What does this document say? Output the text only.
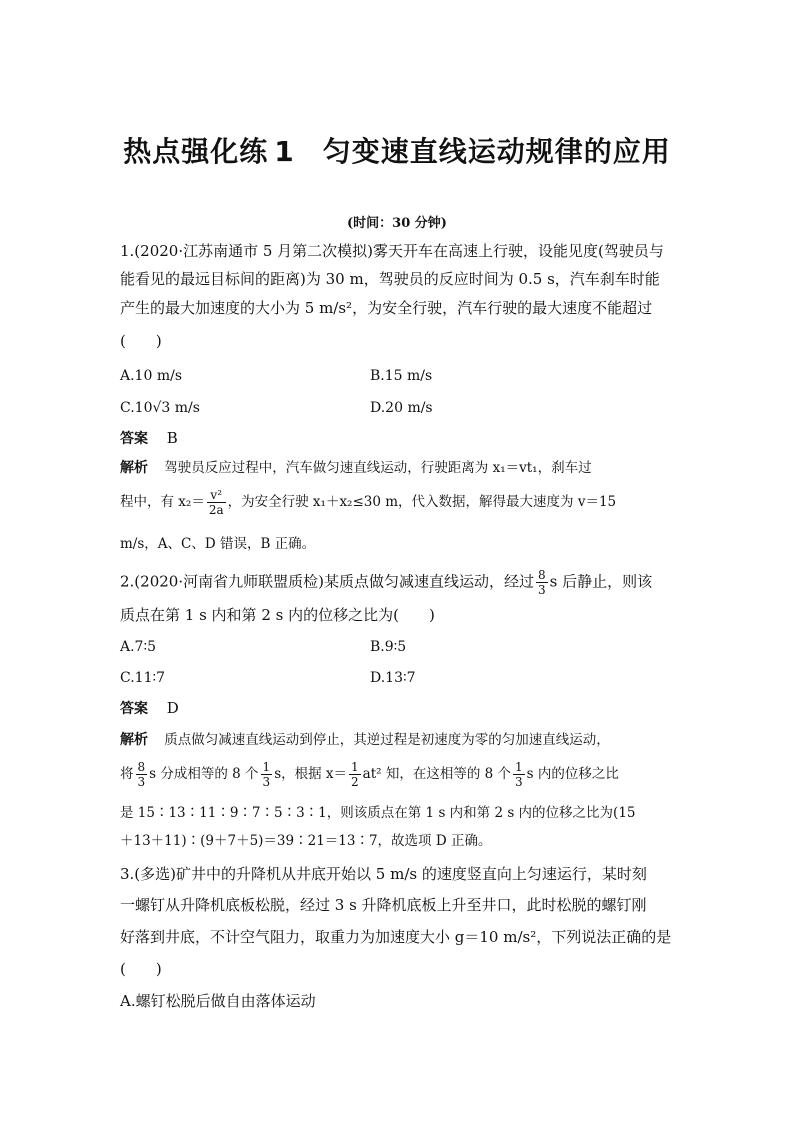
热点强化练 1 匀变速直线运动规律的应用
(时间：30 分钟)
1.(2020·江苏南通市 5 月第二次模拟)雾天开车在高速上行驶，设能见度(驾驶员与
能看见的最远目标间的距离)为 30 m，驾驶员的反应时间为 0.5 s，汽车刹车时能
产生的最大加速度的大小为 5 m/s²，为安全行驶，汽车行驶的最大速度不能超过
(　　)
A.10 m/s	B.15 m/s
C.10√3 m/s	D.20 m/s
答案 B
解析 驾驶员反应过程中，汽车做匀速直线运动，行驶距离为 x₁＝vt₁，刹车过
程中，有 $x_2= \frac{\text{v²}}{2a}$ ，为安全行驶 x₁＋x₂≤30 m，代入数据，解得最大速度为 v＝15
m/s，A、C、D 错误，B 正确。
2.(2020·河南省九师联盟质检)某质点做匀减速直线运动，经过 $\frac{8}{3}$ s 后静止，则该
质点在第 1 s 内和第 2 s 内的位移之比为(　　)
A.7∶5	B.9∶5
C.11∶7	D.13∶7
答案 D
解析 质点做匀减速直线运动到停止，其逆过程是初速度为零的匀加速直线运动，
将 $\frac{8}{3}$ s 分成相等的 8 个 $\frac{1}{3}$ s，根据 $x= \frac{1}{2} at^2$ 知，在这相等的 8 个 $\frac{1}{3}$ s 内的位移之比
是 15∶13∶11∶9∶7∶5∶3∶1，则该质点在第 1 s 内和第 2 s 内的位移之比为(15
＋13＋11)∶(9＋7＋5)＝39∶21＝13∶7，故选项 D 正确。
3.(多选)矿井中的升降机从井底开始以 5 m/s 的速度竖直向上匀速运行，某时刻
一螺钉从升降机底板松脱，经过 3 s 升降机底板上升至井口，此时松脱的螺钉刚
好落到井底，不计空气阻力，取重力为加速度大小 g＝10 m/s²，下列说法正确的是
(　　)
A.螺钉松脱后做自由落体运动
